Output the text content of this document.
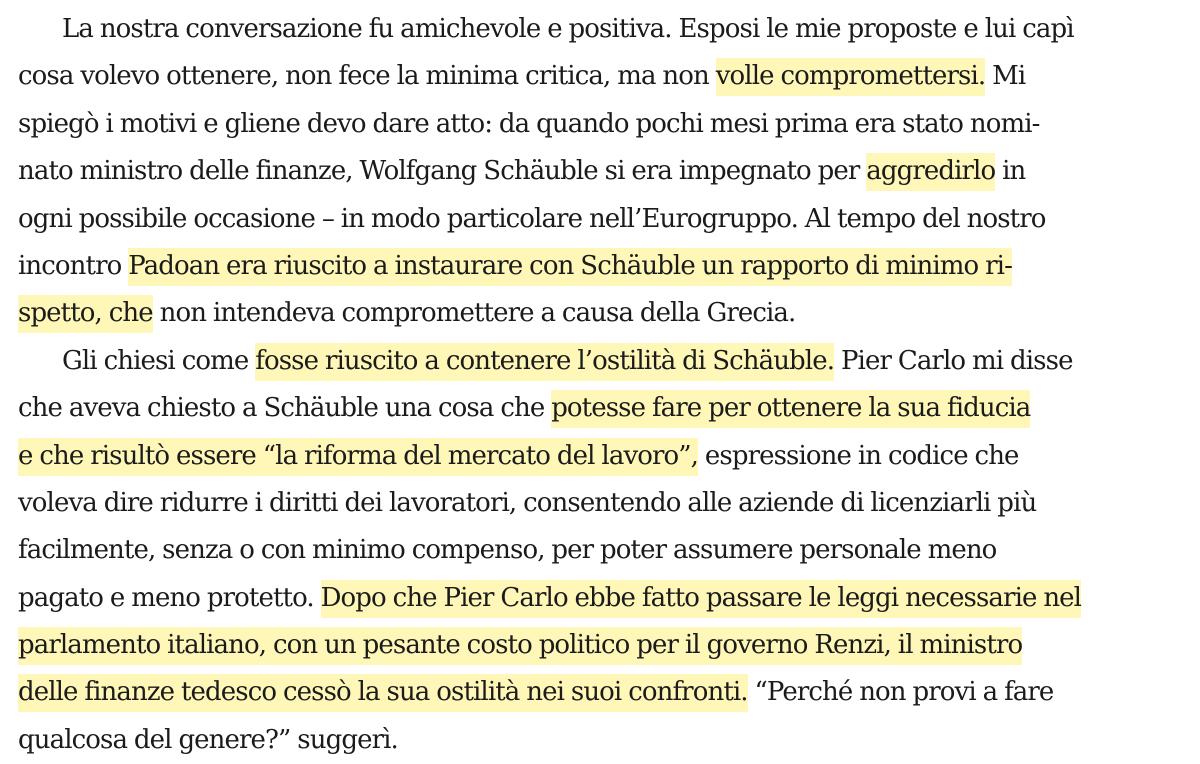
La nostra conversazione fu amichevole e positiva. Esposi le mie proposte e lui capì
cosa volevo ottenere, non fece la minima critica, ma non volle compromettersi. Mi
spiegò i motivi e gliene devo dare atto: da quando pochi mesi prima era stato nomi-
nato ministro delle finanze, Wolfgang Schäuble si era impegnato per aggredirlo in
ogni possibile occasione – in modo particolare nell’Eurogruppo. Al tempo del nostro
incontro Padoan era riuscito a instaurare con Schäuble un rapporto di minimo ri-
spetto, che non intendeva compromettere a causa della Grecia.
Gli chiesi come fosse riuscito a contenere l’ostilità di Schäuble. Pier Carlo mi disse
che aveva chiesto a Schäuble una cosa che potesse fare per ottenere la sua fiducia
e che risultò essere “la riforma del mercato del lavoro”, espressione in codice che
voleva dire ridurre i diritti dei lavoratori, consentendo alle aziende di licenziarli più
facilmente, senza o con minimo compenso, per poter assumere personale meno
pagato e meno protetto. Dopo che Pier Carlo ebbe fatto passare le leggi necessarie nel
parlamento italiano, con un pesante costo politico per il governo Renzi, il ministro
delle finanze tedesco cessò la sua ostilità nei suoi confronti. “Perché non provi a fare
qualcosa del genere?” suggerì.
